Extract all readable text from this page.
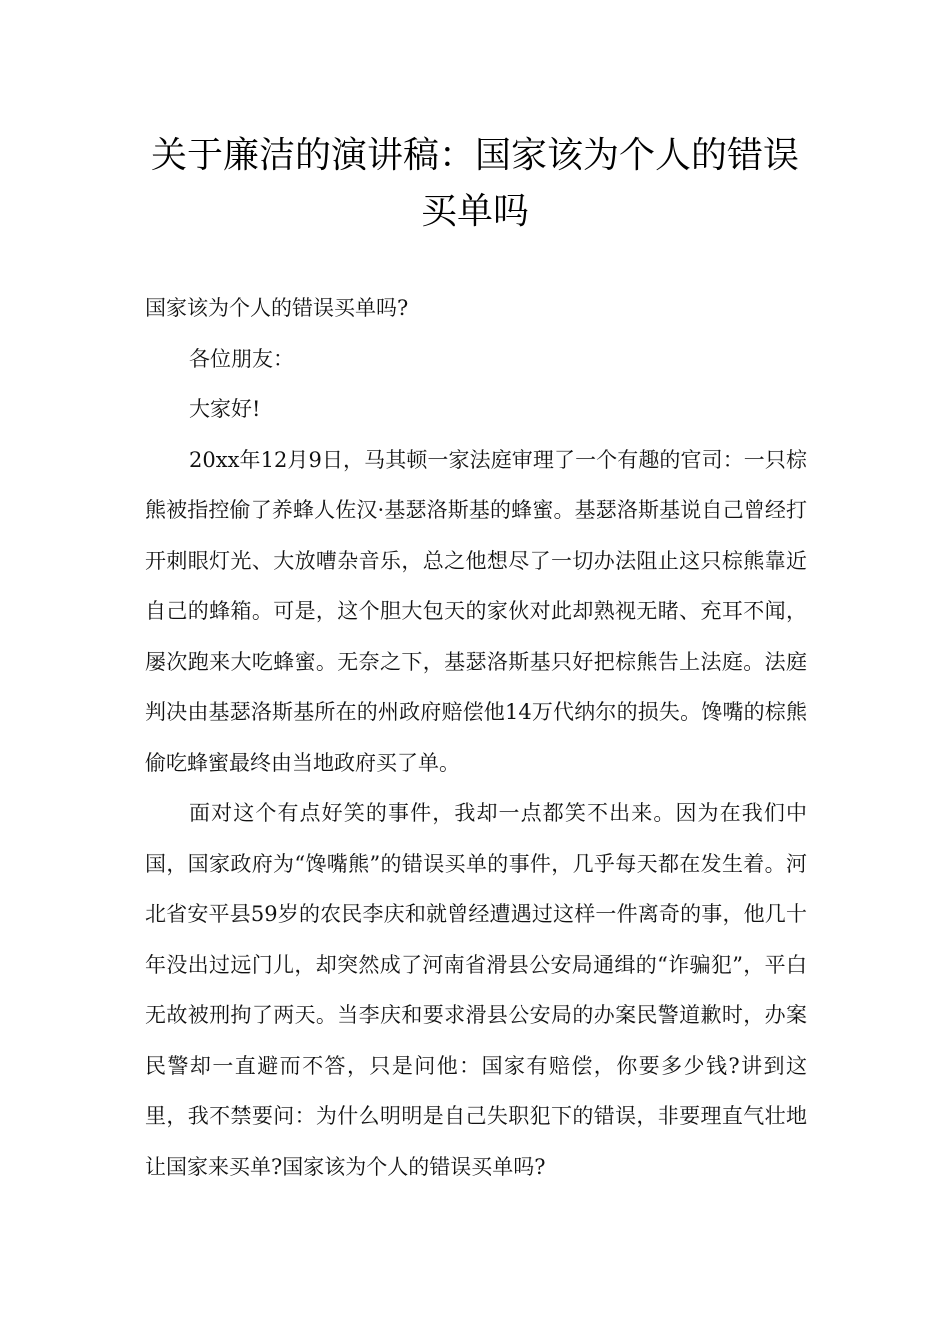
关于廉洁的演讲稿：国家该为个人的错误买单吗

国家该为个人的错误买单吗?

各位朋友：

大家好!

20xx年12月9日，马其顿一家法庭审理了一个有趣的官司：一只棕熊被指控偷了养蜂人佐汉·基瑟洛斯基的蜂蜜。基瑟洛斯基说自己曾经打开刺眼灯光、大放嘈杂音乐，总之他想尽了一切办法阻止这只棕熊靠近自己的蜂箱。可是，这个胆大包天的家伙对此却熟视无睹、充耳不闻，屡次跑来大吃蜂蜜。无奈之下，基瑟洛斯基只好把棕熊告上法庭。法庭判决由基瑟洛斯基所在的州政府赔偿他14万代纳尔的损失。馋嘴的棕熊偷吃蜂蜜最终由当地政府买了单。

面对这个有点好笑的事件，我却一点都笑不出来。因为在我们中国，国家政府为“馋嘴熊”的错误买单的事件，几乎每天都在发生着。河北省安平县59岁的农民李庆和就曾经遭遇过这样一件离奇的事，他几十年没出过远门儿，却突然成了河南省滑县公安局通缉的“诈骗犯”，平白无故被刑拘了两天。当李庆和要求滑县公安局的办案民警道歉时，办案民警却一直避而不答，只是问他：国家有赔偿，你要多少钱?讲到这里，我不禁要问：为什么明明是自己失职犯下的错误，非要理直气壮地让国家来买单?国家该为个人的错误买单吗?
